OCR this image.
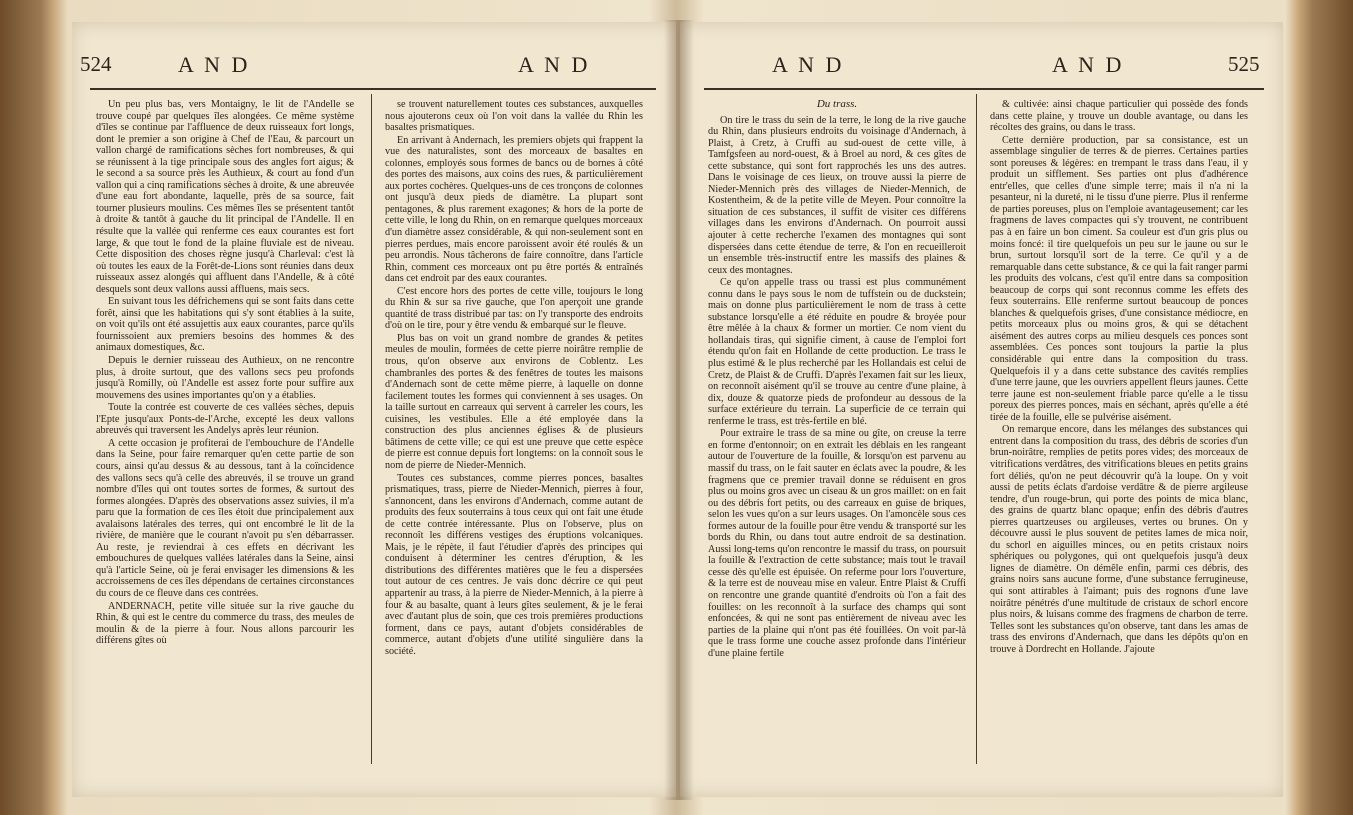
524	A N D	A N D

Un peu plus bas, vers Montaigny, le lit de l'Andelle se trouve coupé par quelques îles alongées. Ce même système d'îles se continue par l'affluence de deux ruisseaux fort longs, dont le premier a son origine à Chef de l'Eau, & parcourt un vallon chargé de ramifications sèches fort nombreuses, & qui se réunissent à la tige principale sous des angles fort aigus; & le second a sa source près les Authieux, & court au fond d'un vallon qui a cinq ramifications sèches à droite, & une abreuvée d'une eau fort abondante, laquelle, près de sa source, fait tourner plusieurs moulins. Ces mêmes îles se présentent tantôt à droite & tantôt à gauche du lit principal de l'Andelle. Il en résulte que la vallée qui renferme ces eaux courantes est fort large, & que tout le fond de la plaine fluviale est de niveau. Cette disposition des choses règne jusqu'à Charleval: c'est là où toutes les eaux de la Forêt-de-Lions sont réunies dans deux ruisseaux assez alongés qui affluent dans l'Andelle, & à côté desquels sont deux vallons aussi affluens, mais secs.

En suivant tous les défrichemens qui se sont faits dans cette forêt, ainsi que les habitations qui s'y sont établies à la suite, on voit qu'ils ont été assujettis aux eaux courantes, parce qu'ils fournissoient aux premiers besoins des hommes & des animaux domestiques, &c.

Depuis le dernier ruisseau des Authieux, on ne rencontre plus, à droite surtout, que des vallons secs peu profonds jusqu'à Romilly, où l'Andelle est assez forte pour suffire aux mouvemens des usines importantes qu'on y a établies.

Toute la contrée est couverte de ces vallées sèches, depuis l'Epte jusqu'aux Ponts-de-l'Arche, excepté les deux vallons abreuvés qui traversent les Andelys après leur réunion.

A cette occasion je profiterai de l'embouchure de l'Andelle dans la Seine, pour faire remarquer qu'en cette partie de son cours, ainsi qu'au dessus & au dessous, tant à la coïncidence des vallons secs qu'à celle des abreuvés, il se trouve un grand nombre d'îles qui ont toutes sortes de formes, & surtout des formes alongées. D'après des observations assez suivies, il m'a paru que la formation de ces îles étoit due principalement aux avalaisons latérales des terres, qui ont encombré le lit de la rivière, de manière que le courant n'avoit pu s'en débarrasser. Au reste, je reviendrai à ces effets en décrivant les embouchures de quelques vallées latérales dans la Seine, ainsi qu'à l'article Seine, où je ferai envisager les dimensions & les accroissemens de ces îles dépendans de certaines circonstances du cours de ce fleuve dans ces contrées.

ANDERNACH, petite ville située sur la rive gauche du Rhin, & qui est le centre du commerce du trass, des meules de moulin & de la pierre à four. Nous allons parcourir les différens gîtes où

se trouvent naturellement toutes ces substances, auxquelles nous ajouterons ceux où l'on voit dans la vallée du Rhin les basaltes prismatiques.

En arrivant à Andernach, les premiers objets qui frappent la vue des naturalistes, sont des morceaux de basaltes en colonnes, employés sous formes de bancs ou de bornes à côté des portes des maisons, aux coins des rues, & particulièrement aux portes cochères. Quelques-uns de ces tronçons de colonnes ont jusqu'à deux pieds de diamètre. La plupart sont pentagones, & plus rarement exagones; & hors de la porte de cette ville, le long du Rhin, on en remarque quelques morceaux d'un diamètre assez considérable, & qui non-seulement sont en pierres perdues, mais encore paroissent avoir été roulés & un peu arrondis. Nous tâcherons de faire connoître, dans l'article Rhin, comment ces morceaux ont pu être portés & entraînés dans cet endroit par des eaux courantes.

C'est encore hors des portes de cette ville, toujours le long du Rhin & sur sa rive gauche, que l'on aperçoit une grande quantité de trass distribué par tas: on l'y transporte des endroits d'où on le tire, pour y être vendu & embarqué sur le fleuve.

Plus bas on voit un grand nombre de grandes & petites meules de moulin, formées de cette pierre noirâtre remplie de trous, qu'on observe aux environs de Coblentz. Les chambranles des portes & des fenêtres de toutes les maisons d'Andernach sont de cette même pierre, à laquelle on donne facilement toutes les formes qui conviennent à ses usages. On la taille surtout en carreaux qui servent à carreler les cours, les cuisines, les vestibules. Elle a été employée dans la construction des plus anciennes églises & de plusieurs bâtimens de cette ville; ce qui est une preuve que cette espèce de pierre est connue depuis fort longtems: on la connoît sous le nom de pierre de Nieder-Mennich.

Toutes ces substances, comme pierres ponces, basaltes prismatiques, trass, pierre de Nieder-Mennich, pierres à four, s'annoncent, dans les environs d'Andernach, comme autant de produits des feux souterrains à tous ceux qui ont fait une étude de cette contrée intéressante. Plus on l'observe, plus on reconnoît les différens vestiges des éruptions volcaniques. Mais, je le répète, il faut l'étudier d'après des principes qui conduisent à déterminer les centres d'éruption, & les distributions des différentes matières que le feu a dispersées tout autour de ces centres. Je vais donc décrire ce qui peut appartenir au trass, à la pierre de Nieder-Mennich, à la pierre à four & au basalte, quant à leurs gîtes seulement, & je le ferai avec d'autant plus de soin, que ces trois premières productions forment, dans ce pays, autant d'objets considérables de commerce, autant d'objets d'une utilité singulière dans la société.

A N D	A N D	525

Du trass.

On tire le trass du sein de la terre, le long de la rive gauche du Rhin, dans plusieurs endroits du voisinage d'Andernach, à Plaist, à Cretz, à Cruffi au sud-ouest de cette ville, à Tamfgsfeen au nord-ouest, & à Broel au nord, & ces gîtes de cette substance, qui sont fort rapprochés les uns des autres. Dans le voisinage de ces lieux, on trouve aussi la pierre de Nieder-Mennich près des villages de Nieder-Mennich, de Kostentheim, & de la petite ville de Meyen. Pour connoître la situation de ces substances, il suffit de visiter ces différens villages dans les environs d'Andernach. On pourroit aussi ajouter à cette recherche l'examen des montagnes qui sont dispersées dans cette étendue de terre, & l'on en recueilleroit un ensemble très-instructif entre les massifs des plaines & ceux des montagnes.

Ce qu'on appelle trass ou trassi est plus communément connu dans le pays sous le nom de tuffstein ou de duckstein; mais on donne plus particulièrement le nom de trass à cette substance lorsqu'elle a été réduite en poudre & broyée pour être mêlée à la chaux & former un mortier. Ce nom vient du hollandais tiras, qui signifie ciment, à cause de l'emploi fort étendu qu'on fait en Hollande de cette production. Le trass le plus estimé & le plus recherché par les Hollandais est celui de Cretz, de Plaist & de Cruffi. D'après l'examen fait sur les lieux, on reconnoît aisément qu'il se trouve au centre d'une plaine, à dix, douze & quatorze pieds de profondeur au dessous de la surface extérieure du terrain. La superficie de ce terrain qui renferme le trass, est très-fertile en blé.

Pour extraire le trass de sa mine ou gîte, on creuse la terre en forme d'entonnoir; on en extrait les déblais en les rangeant autour de l'ouverture de la fouille, & lorsqu'on est parvenu au massif du trass, on le fait sauter en éclats avec la poudre, & les fragmens que ce premier travail donne se réduisent en gros plus ou moins gros avec un ciseau & un gros maillet: on en fait ou des débris fort petits, ou des carreaux en guise de briques, selon les vues qu'on a sur leurs usages. On l'amoncèle sous ces formes autour de la fouille pour être vendu & transporté sur les bords du Rhin, ou dans tout autre endroit de sa destination. Aussi long-tems qu'on rencontre le massif du trass, on poursuit la fouille & l'extraction de cette substance; mais tout le travail cesse dès qu'elle est épuisée. On referme pour lors l'ouverture, & la terre est de nouveau mise en valeur. Entre Plaist & Cruffi on rencontre une grande quantité d'endroits où l'on a fait des fouilles: on les reconnoît à la surface des champs qui sont enfoncées, & qui ne sont pas entièrement de niveau avec les parties de la plaine qui n'ont pas été fouillées. On voit par-là que le trass forme une couche assez profonde dans l'intérieur d'une plaine fertile

& cultivée: ainsi chaque particulier qui possède des fonds dans cette plaine, y trouve un double avantage, ou dans les récoltes des grains, ou dans le trass.

Cette dernière production, par sa consistance, est un assemblage singulier de terres & de pierres. Certaines parties sont poreuses & légères: en trempant le trass dans l'eau, il y produit un sifflement. Ses parties ont plus d'adhérence entr'elles, que celles d'une simple terre; mais il n'a ni la pesanteur, ni la dureté, ni le tissu d'une pierre. Plus il renferme de parties poreuses, plus on l'emploie avantageusement; car les fragmens de laves compactes qui s'y trouvent, ne contribuent pas à en faire un bon ciment. Sa couleur est d'un gris plus ou moins foncé: il tire quelquefois un peu sur le jaune ou sur le brun, surtout lorsqu'il sort de la terre. Ce qu'il y a de remarquable dans cette substance, & ce qui la fait ranger parmi les produits des volcans, c'est qu'il entre dans sa composition beaucoup de corps qui sont reconnus comme les effets des feux souterrains. Elle renferme surtout beaucoup de ponces blanches & quelquefois grises, d'une consistance médiocre, en petits morceaux plus ou moins gros, & qui se détachent aisément des autres corps au milieu desquels ces ponces sont assemblées. Ces ponces sont toujours la partie la plus considérable qui entre dans la composition du trass. Quelquefois il y a dans cette substance des cavités remplies d'une terre jaune, que les ouvriers appellent fleurs jaunes. Cette terre jaune est non-seulement friable parce qu'elle a le tissu poreux des pierres ponces, mais en séchant, après qu'elle a été tirée de la fouille, elle se pulvérise aisément.

On remarque encore, dans les mélanges des substances qui entrent dans la composition du trass, des débris de scories d'un brun-noirâtre, remplies de petits pores vides; des morceaux de vitrifications verdâtres, des vitrifications bleues en petits grains fort déliés, qu'on ne peut découvrir qu'à la loupe. On y voit aussi de petits éclats d'ardoise verdâtre & de pierre argileuse tendre, d'un rouge-brun, qui porte des points de mica blanc, des grains de quartz blanc opaque; enfin des débris d'autres pierres quartzeuses ou argileuses, vertes ou brunes. On y découvre aussi le plus souvent de petites lames de mica noir, du schorl en aiguilles minces, ou en petits cristaux noirs sphériques ou polygones, qui ont quelquefois jusqu'à deux lignes de diamètre. On démêle enfin, parmi ces débris, des grains noirs sans aucune forme, d'une substance ferrugineuse, qui sont attirables à l'aimant; puis des rognons d'une lave noirâtre pénétrés d'une multitude de cristaux de schorl encore plus noirs, & luisans comme des fragmens de charbon de terre. Telles sont les substances qu'on observe, tant dans les amas de trass des environs d'Andernach, que dans les dépôts qu'on en trouve à Dordrecht en Hollande. J'ajoute
